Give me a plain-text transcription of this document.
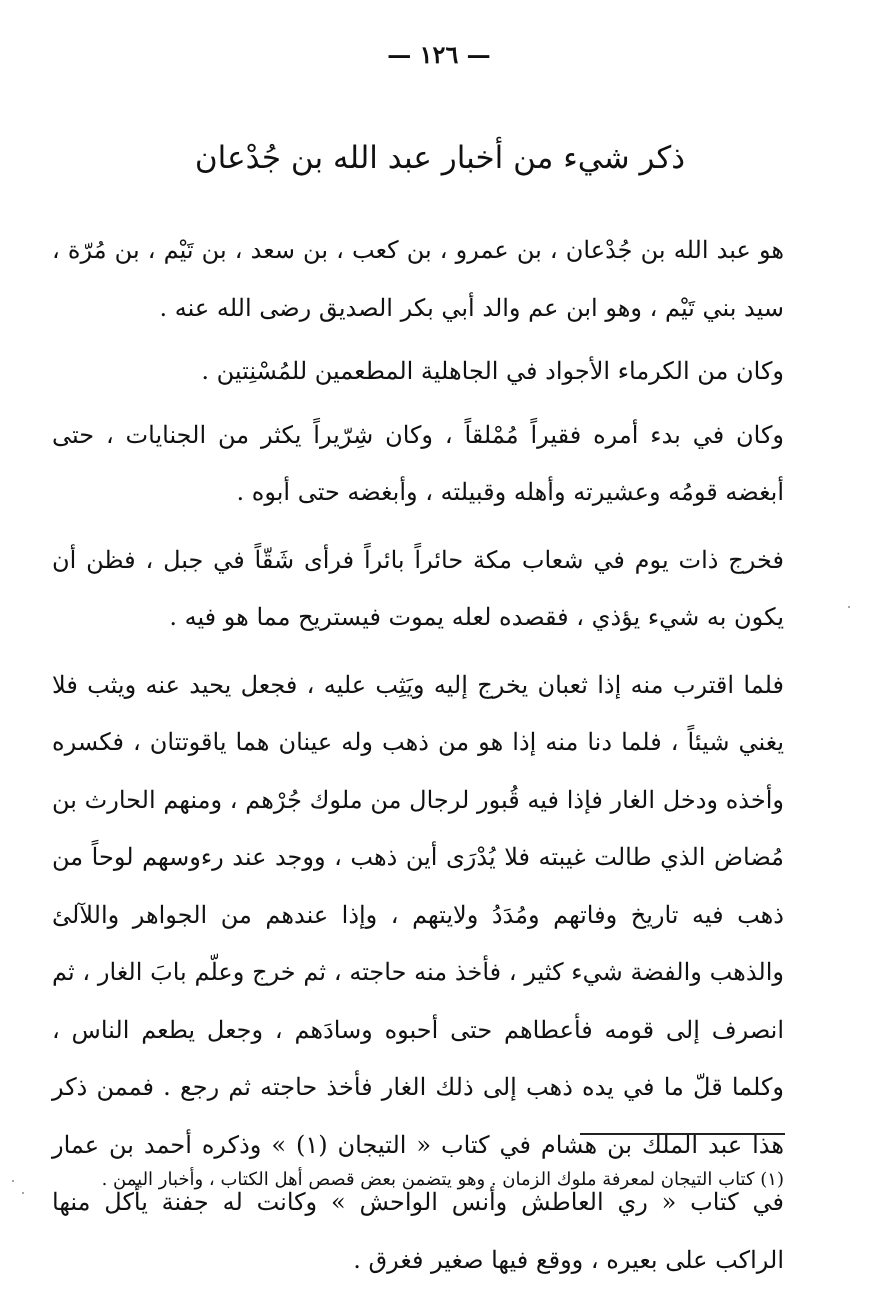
— ١٢٦ —
ذكر شيء من أخبار عبد الله بن جُدْعان

هو عبد الله بن جُدْعان ، بن عمرو ، بن كعب ، بن سعد ، بن تَيْم ، بن مُرّة ، سيد بني تَيْم ، وهو ابن عم والد أبي بكر الصديق رضى الله عنه .

وكان من الكرماء الأجواد في الجاهلية المطعمين للمُسْنِتين .

وكان في بدء أمره فقيراً مُمْلقاً ، وكان شِرّيراً يكثر من الجنايات ، حتى أبغضه قومُه وعشيرته وأهله وقبيلته ، وأبغضه حتى أبوه .

فخرج ذات يوم في شعاب مكة حائراً بائراً فرأى شَقّاً في جبل ، فظن أن يكون به شيء يؤذي ، فقصده لعله يموت فيستريح مما هو فيه .

فلما اقترب منه إذا ثعبان يخرج إليه ويَثِب عليه ، فجعل يحيد عنه ويثب فلا يغني شيئاً ، فلما دنا منه إذا هو من ذهب وله عينان هما ياقوتتان ، فكسره وأخذه ودخل الغار فإذا فيه قُبور لرجال من ملوك جُرْهم ، ومنهم الحارث بن مُضاض الذي طالت غيبته فلا يُدْرَى أين ذهب ، ووجد عند رءوسهم لوحاً من ذهب فيه تاريخ وفاتهم ومُدَدُ ولايتهم ، وإذا عندهم من الجواهر واللآلئ والذهب والفضة شيء كثير ، فأخذ منه حاجته ، ثم خرج وعلّم بابَ الغار ، ثم انصرف إلى قومه فأعطاهم حتى أحبوه وسادَهم ، وجعل يطعم الناس ، وكلما قلّ ما في يده ذهب إلى ذلك الغار فأخذ حاجته ثم رجع . فممن ذكر هذا عبد الملك بن هشام في كتاب « التيجان (١) » وذكره أحمد بن عمار في كتاب « ري العاطش وأنس الواحش » وكانت له جفنة يأكل منها الراكب على بعيره ، ووقع فيها صغير فغرق .

(١) كتاب التيجان لمعرفة ملوك الزمان . وهو يتضمن بعض قصص أهل الكتاب ، وأخبار اليمن .
